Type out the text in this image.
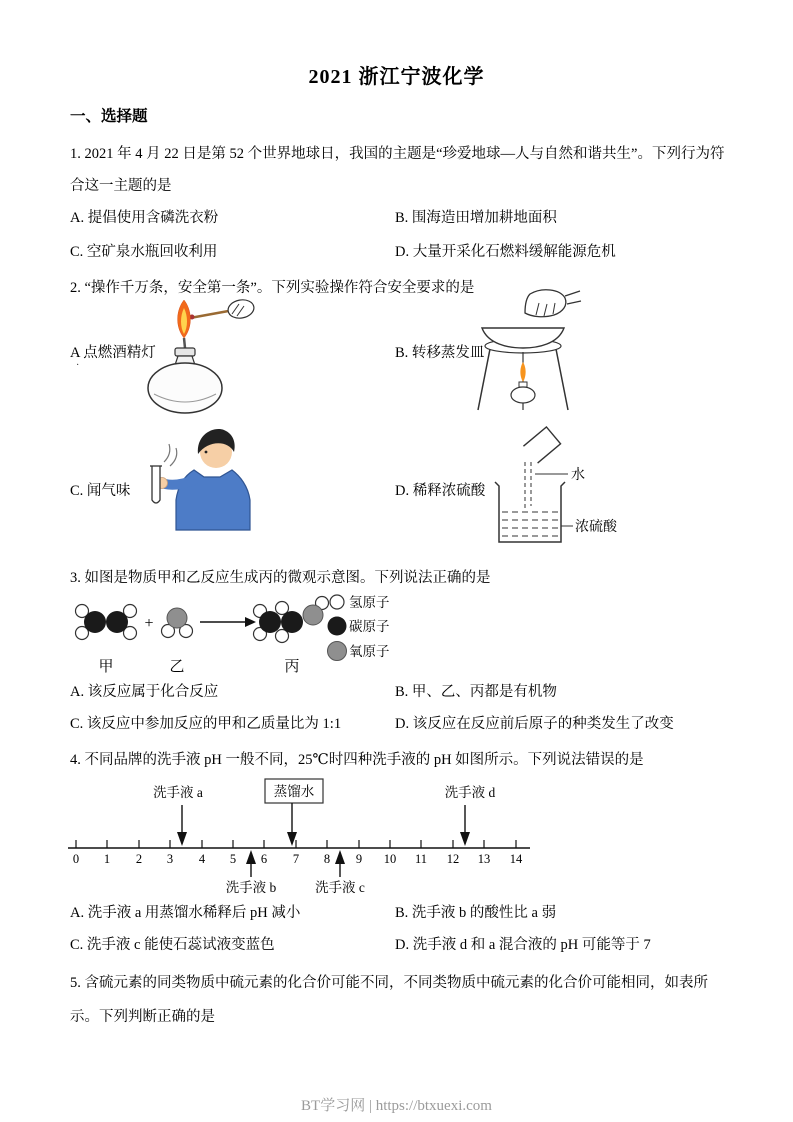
2021 浙江宁波化学
一、选择题
1. 2021 年 4 月 22 日是第 52 个世界地球日，我国的主题是“珍爱地球—人与自然和谐共生”。下列行为符合这一主题的是
A. 提倡使用含磷洗衣粉	B. 围海造田增加耕地面积
C. 空矿泉水瓶回收利用	D. 大量开采化石燃料缓解能源危机
2. “操作千万条，安全第一条”。下列实验操作符合安全要求的是
A 点燃酒精灯
·
B. 转移蒸发皿
C. 闻气味	D. 稀释浓硫酸
水
浓硫酸
3. 如图是物质甲和乙反应生成丙的微观示意图。下列说法正确的是
+
甲	乙	丙
氢原子
碳原子
氧原子
A. 该反应属于化合反应	B. 甲、乙、丙都是有机物
C. 该反应中参加反应的甲和乙质量比为 1:1	D. 该反应在反应前后原子的种类发生了改变
4. 不同品牌的洗手液 pH 一般不同，25℃时四种洗手液的 pH 如图所示。下列说法错误的是
洗手液 a	蒸馏水	洗手液 d
0 1 2 3 4 5 6 7 8 9 10 11 12 13 14
洗手液 b	洗手液 c
A. 洗手液 a 用蒸馏水稀释后 pH 减小	B. 洗手液 b 的酸性比 a 弱
C. 洗手液 c 能使石蕊试液变蓝色	D. 洗手液 d 和 a 混合液的 pH 可能等于 7
5. 含硫元素的同类物质中硫元素的化合价可能不同，不同类物质中硫元素的化合价可能相同，如表所示。下列判断正确的是
BT学习网 | https://btxuexi.com
